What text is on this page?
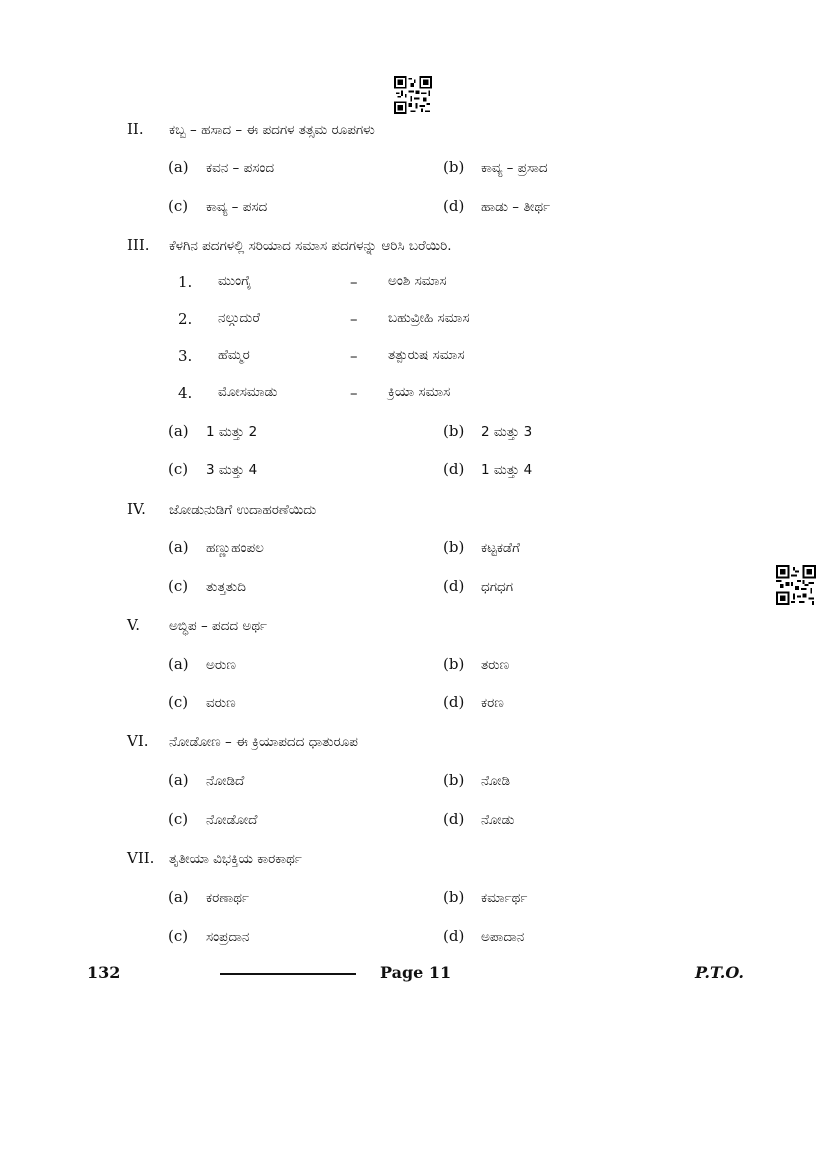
II.	ಕಬ್ಬ – ಹಸಾದ – ಈ ಪದಗಳ ತತ್ಸಮ ರೂಪಗಳು
(a)	ಕವನ – ಪಸಂದ	(b)	ಕಾವ್ಯ – ಪ್ರಸಾದ
(c)	ಕಾವ್ಯ – ಪಸದ	(d)	ಹಾಡು – ತೀರ್ಥ
III.	ಕೆಳಗಿನ ಪದಗಳಲ್ಲಿ ಸರಿಯಾದ ಸಮಾಸ ಪದಗಳನ್ನು ಆರಿಸಿ ಬರೆಯಿರಿ.
1. ಮುಂಗೈ	– ಅಂಶಿ ಸಮಾಸ
2. ನಲ್ಗುದುರೆ	– ಬಹುವ್ರೀಹಿ ಸಮಾಸ
3. ಹೆಮ್ಮರ	– ತತ್ಪುರುಷ ಸಮಾಸ
4. ಮೋಸಮಾಡು	– ಕ್ರಿಯಾ ಸಮಾಸ
(a)	1 ಮತ್ತು 2	(b)	2 ಮತ್ತು 3
(c)	3 ಮತ್ತು 4	(d)	1 ಮತ್ತು 4
IV.	ಜೋಡುನುಡಿಗೆ ಉದಾಹರಣೆಯಿದು
(a)	ಹಣ್ಣುಹಂಪಲ	(b)	ಕಟ್ಟಕಡೆಗೆ
(c)	ತುತ್ತತುದಿ	(d)	ಧಗಧಗ
V.	ಅಬ್ಧಿಪ – ಪದದ ಅರ್ಥ
(a)	ಅರುಣ	(b)	ತರುಣ
(c)	ವರುಣ	(d)	ಕರಣ
VI.	ನೋಡೋಣ – ಈ ಕ್ರಿಯಾಪದದ ಧಾತುರೂಪ
(a)	ನೋಡಿದೆ	(b)	ನೋಡಿ
(c)	ನೋಡೋದೆ	(d)	ನೋಡು
VII.	ತೃತೀಯಾ ವಿಭಕ್ತಿಯ ಕಾರಕಾರ್ಥ
(a)	ಕರಣಾರ್ಥ	(b)	ಕರ್ಮಾರ್ಥ
(c)	ಸಂಪ್ರದಾನ	(d)	ಅಪಾದಾನ
132	Page 11	P.T.O.
